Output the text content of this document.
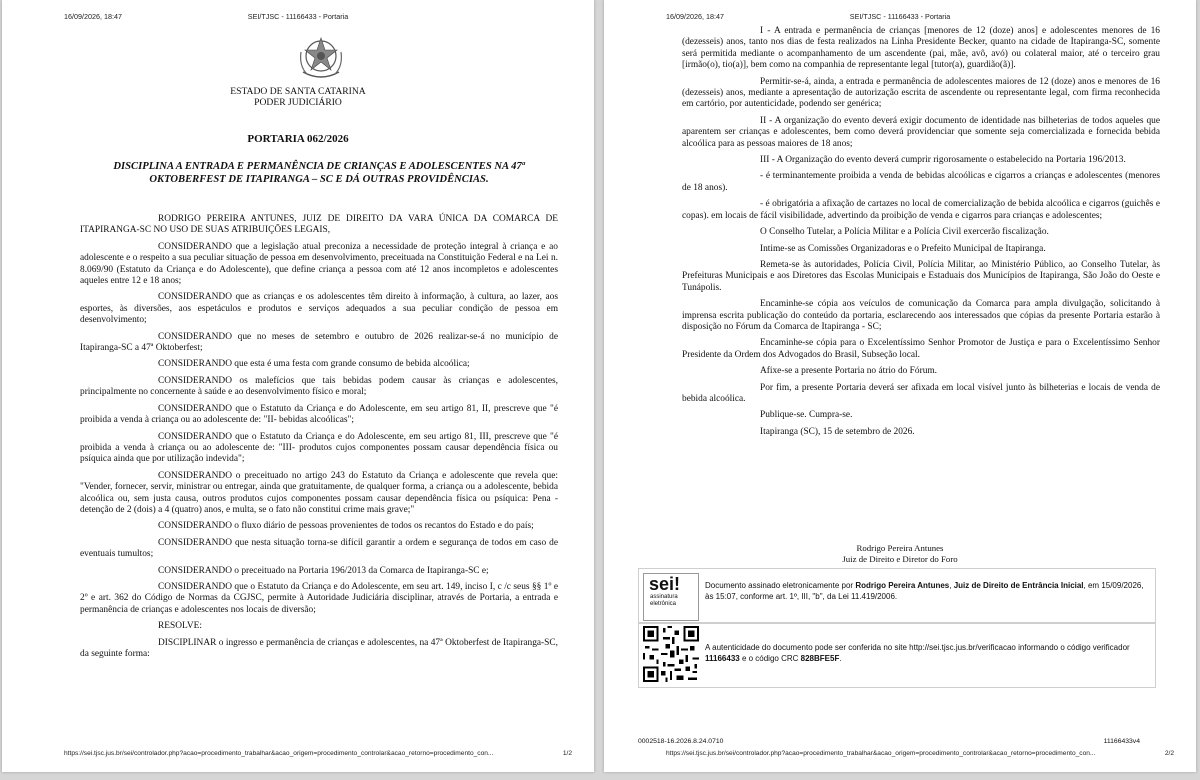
16/09/2026, 18:47	SEI/TJSC - 11166433 - Portaria
ESTADO DE SANTA CATARINA
PODER JUDICIÁRIO
PORTARIA 062/2026
DISCIPLINA A ENTRADA E PERMANÊNCIA DE CRIANÇAS E ADOLESCENTES NA 47ª OKTOBERFEST DE ITAPIRANGA – SC E DÁ OUTRAS PROVIDÊNCIAS.

RODRIGO PEREIRA ANTUNES, JUIZ DE DIREITO DA VARA ÚNICA DA COMARCA DE ITAPIRANGA-SC NO USO DE SUAS ATRIBUIÇÕES LEGAIS,

CONSIDERANDO que a legislação atual preconiza a necessidade de proteção integral à criança e ao adolescente e o respeito a sua peculiar situação de pessoa em desenvolvimento, preceituada na Constituição Federal e na Lei n. 8.069/90 (Estatuto da Criança e do Adolescente), que define criança a pessoa com até 12 anos incompletos e adolescentes aqueles entre 12 e 18 anos;

CONSIDERANDO que as crianças e os adolescentes têm direito à informação, à cultura, ao lazer, aos esportes, às diversões, aos espetáculos e produtos e serviços adequados a sua peculiar condição de pessoa em desenvolvimento;

CONSIDERANDO que no meses de setembro e outubro de 2026 realizar-se-á no município de Itapiranga-SC a 47ª Oktoberfest;

CONSIDERANDO que esta é uma festa com grande consumo de bebida alcoólica;

CONSIDERANDO os malefícios que tais bebidas podem causar às crianças e adolescentes, principalmente no concernente à saúde e ao desenvolvimento físico e moral;

CONSIDERANDO que o Estatuto da Criança e do Adolescente, em seu artigo 81, II, prescreve que "é proibida a venda à criança ou ao adolescente de: "II- bebidas alcoólicas";

CONSIDERANDO que o Estatuto da Criança e do Adolescente, em seu artigo 81, III, prescreve que "é proibida a venda à criança ou ao adolescente de: "III- produtos cujos componentes possam causar dependência física ou psíquica ainda que por utilização indevida";

CONSIDERANDO o preceituado no artigo 243 do Estatuto da Criança e adolescente que revela que: "Vender, fornecer, servir, ministrar ou entregar, ainda que gratuitamente, de qualquer forma, a criança ou a adolescente, bebida alcoólica ou, sem justa causa, outros produtos cujos componentes possam causar dependência física ou psíquica: Pena - detenção de 2 (dois) a 4 (quatro) anos, e multa, se o fato não constitui crime mais grave;"

CONSIDERANDO o fluxo diário de pessoas provenientes de todos os recantos do Estado e do país;

CONSIDERANDO que nesta situação torna-se difícil garantir a ordem e segurança de todos em caso de eventuais tumultos;

CONSIDERANDO o preceituado na Portaria 196/2013 da Comarca de Itapiranga-SC e;

CONSIDERANDO que o Estatuto da Criança e do Adolescente, em seu art. 149, inciso I, c /c seus §§ 1º e 2º e art. 362 do Código de Normas da CGJSC, permite à Autoridade Judiciária disciplinar, através de Portaria, a entrada e permanência de crianças e adolescentes nos locais de diversão;

RESOLVE:

DISCIPLINAR o ingresso e permanência de crianças e adolescentes, na 47ª Oktoberfest de Itapiranga-SC, da seguinte forma:

https://sei.tjsc.jus.br/sei/controlador.php?acao=procedimento_trabalhar&acao_origem=procedimento_controlar&acao_retorno=procedimento_con...	1/2
16/09/2026, 18:47	SEI/TJSC - 11166433 - Portaria

I - A entrada e permanência de crianças [menores de 12 (doze) anos] e adolescentes menores de 16 (dezesseis) anos, tanto nos dias de festa realizados na Linha Presidente Becker, quanto na cidade de Itapiranga-SC, somente será permitida mediante o acompanhamento de um ascendente (pai, mãe, avô, avó) ou colateral maior, até o terceiro grau [irmão(o), tio(a)], bem como na companhia de representante legal [tutor(a), guardião(ã)].

Permitir-se-á, ainda, a entrada e permanência de adolescentes maiores de 12 (doze) anos e menores de 16 (dezesseis) anos, mediante a apresentação de autorização escrita de ascendente ou representante legal, com firma reconhecida em cartório, por autenticidade, podendo ser genérica;

II - A organização do evento deverá exigir documento de identidade nas bilheterias de todos aqueles que aparentem ser crianças e adolescentes, bem como deverá providenciar que somente seja comercializada e fornecida bebida alcoólica para as pessoas maiores de 18 anos;

III - A Organização do evento deverá cumprir rigorosamente o estabelecido na Portaria 196/2013.

- é terminantemente proibida a venda de bebidas alcoólicas e cigarros a crianças e adolescentes (menores de 18 anos).

- é obrigatória a afixação de cartazes no local de comercialização de bebida alcoólica e cigarros (guichês e copas). em locais de fácil visibilidade, advertindo da proibição de venda e cigarros para crianças e adolescentes;

O Conselho Tutelar, a Polícia Militar e a Polícia Civil exercerão fiscalização.

Intime-se as Comissões Organizadoras e o Prefeito Municipal de Itapiranga.

Remeta-se às autoridades, Polícia Civil, Polícia Militar, ao Ministério Público, ao Conselho Tutelar, às Prefeituras Municipais e aos Diretores das Escolas Municipais e Estaduais dos Municípios de Itapiranga, São João do Oeste e Tunápolis.

Encaminhe-se cópia aos veículos de comunicação da Comarca para ampla divulgação, solicitando à imprensa escrita publicação do conteúdo da portaria, esclarecendo aos interessados que cópias da presente Portaria estarão à disposição no Fórum da Comarca de Itapiranga - SC;

Encaminhe-se cópia para o Excelentíssimo Senhor Promotor de Justiça e para o Excelentíssimo Senhor Presidente da Ordem dos Advogados do Brasil, Subseção local.

Afixe-se a presente Portaria no átrio do Fórum.

Por fim, a presente Portaria deverá ser afixada em local visível junto às bilheterias e locais de venda de bebida alcoólica.

Publique-se. Cumpra-se.

Itapiranga (SC), 15 de setembro de 2026.

Rodrigo Pereira Antunes
Juiz de Direito e Diretor do Foro
sei!
assinatura
eletrônica
Documento assinado eletronicamente por Rodrigo Pereira Antunes, Juiz de Direito de Entrância Inicial, em 15/09/2026, às 15:07, conforme art. 1º, III, "b", da Lei 11.419/2006.
A autenticidade do documento pode ser conferida no site http://sei.tjsc.jus.br/verificacao informando o código verificador 11166433 e o código CRC 828BFE5F.
0002518-16.2026.8.24.0710	11166433v4
https://sei.tjsc.jus.br/sei/controlador.php?acao=procedimento_trabalhar&acao_origem=procedimento_controlar&acao_retorno=procedimento_con...	2/2
